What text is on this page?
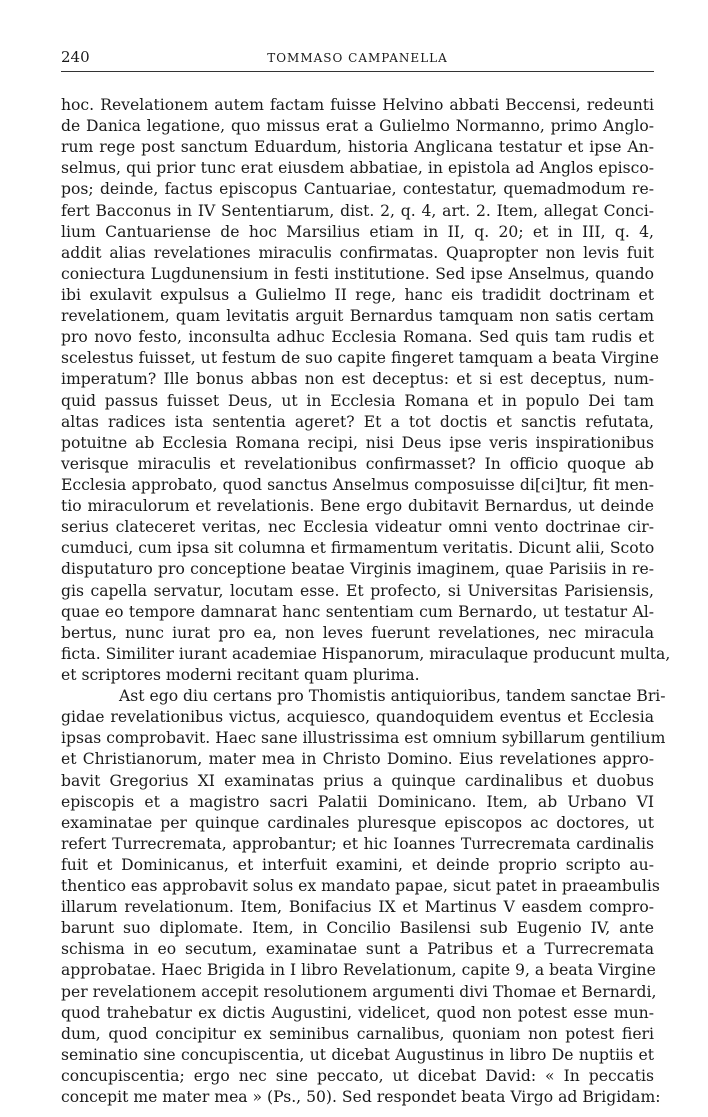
240	TOMMASO CAMPANELLA
hoc. Revelationem autem factam fuisse Helvino abbati Beccensi, redeunti
de Danica legatione, quo missus erat a Gulielmo Normanno, primo Anglo-
rum rege post sanctum Eduardum, historia Anglicana testatur et ipse An-
selmus, qui prior tunc erat eiusdem abbatiae, in epistola ad Anglos episco-
pos; deinde, factus episcopus Cantuariae, contestatur, quemadmodum re-
fert Bacconus in IV Sententiarum, dist. 2, q. 4, art. 2. Item, allegat Conci-
lium Cantuariense de hoc Marsilius etiam in II, q. 20; et in III, q. 4,
addit alias revelationes miraculis confirmatas. Quapropter non levis fuit
coniectura Lugdunensium in festi institutione. Sed ipse Anselmus, quando
ibi exulavit expulsus a Gulielmo II rege, hanc eis tradidit doctrinam et
revelationem, quam levitatis arguit Bernardus tamquam non satis certam
pro novo festo, inconsulta adhuc Ecclesia Romana. Sed quis tam rudis et
scelestus fuisset, ut festum de suo capite fingeret tamquam a beata Virgine
imperatum? Ille bonus abbas non est deceptus: et si est deceptus, num-
quid passus fuisset Deus, ut in Ecclesia Romana et in populo Dei tam
altas radices ista sententia ageret? Et a tot doctis et sanctis refutata,
potuitne ab Ecclesia Romana recipi, nisi Deus ipse veris inspirationibus
verisque miraculis et revelationibus confirmasset? In officio quoque ab
Ecclesia approbato, quod sanctus Anselmus composuisse di[ci]tur, fit men-
tio miraculorum et revelationis. Bene ergo dubitavit Bernardus, ut deinde
serius clateceret veritas, nec Ecclesia videatur omni vento doctrinae cir-
cumduci, cum ipsa sit columna et firmamentum veritatis. Dicunt alii, Scoto
disputaturo pro conceptione beatae Virginis imaginem, quae Parisiis in re-
gis capella servatur, locutam esse. Et profecto, si Universitas Parisiensis,
quae eo tempore damnarat hanc sententiam cum Bernardo, ut testatur Al-
bertus, nunc iurat pro ea, non leves fuerunt revelationes, nec miracula
ficta. Similiter iurant academiae Hispanorum, miraculaque producunt multa,
et scriptores moderni recitant quam plurima.
Ast ego diu certans pro Thomistis antiquioribus, tandem sanctae Bri-
gidae revelationibus victus, acquiesco, quandoquidem eventus et Ecclesia
ipsas comprobavit. Haec sane illustrissima est omnium sybillarum gentilium
et Christianorum, mater mea in Christo Domino. Eius revelationes appro-
bavit Gregorius XI examinatas prius a quinque cardinalibus et duobus
episcopis et a magistro sacri Palatii Dominicano. Item, ab Urbano VI
examinatae per quinque cardinales pluresque episcopos ac doctores, ut
refert Turrecremata, approbantur; et hic Ioannes Turrecremata cardinalis
fuit et Dominicanus, et interfuit examini, et deinde proprio scripto au-
thentico eas approbavit solus ex mandato papae, sicut patet in praeambulis
illarum revelationum. Item, Bonifacius IX et Martinus V easdem compro-
barunt suo diplomate. Item, in Concilio Basilensi sub Eugenio IV, ante
schisma in eo secutum, examinatae sunt a Patribus et a Turrecremata
approbatae. Haec Brigida in I libro Revelationum, capite 9, a beata Virgine
per revelationem accepit resolutionem argumenti divi Thomae et Bernardi,
quod trahebatur ex dictis Augustini, videlicet, quod non potest esse mun-
dum, quod concipitur ex seminibus carnalibus, quoniam non potest fieri
seminatio sine concupiscentia, ut dicebat Augustinus in libro De nuptiis et
concupiscentia; ergo nec sine peccato, ut dicebat David: « In peccatis
concepit me mater mea » (Ps., 50). Sed respondet beata Virgo ad Brigidam:
